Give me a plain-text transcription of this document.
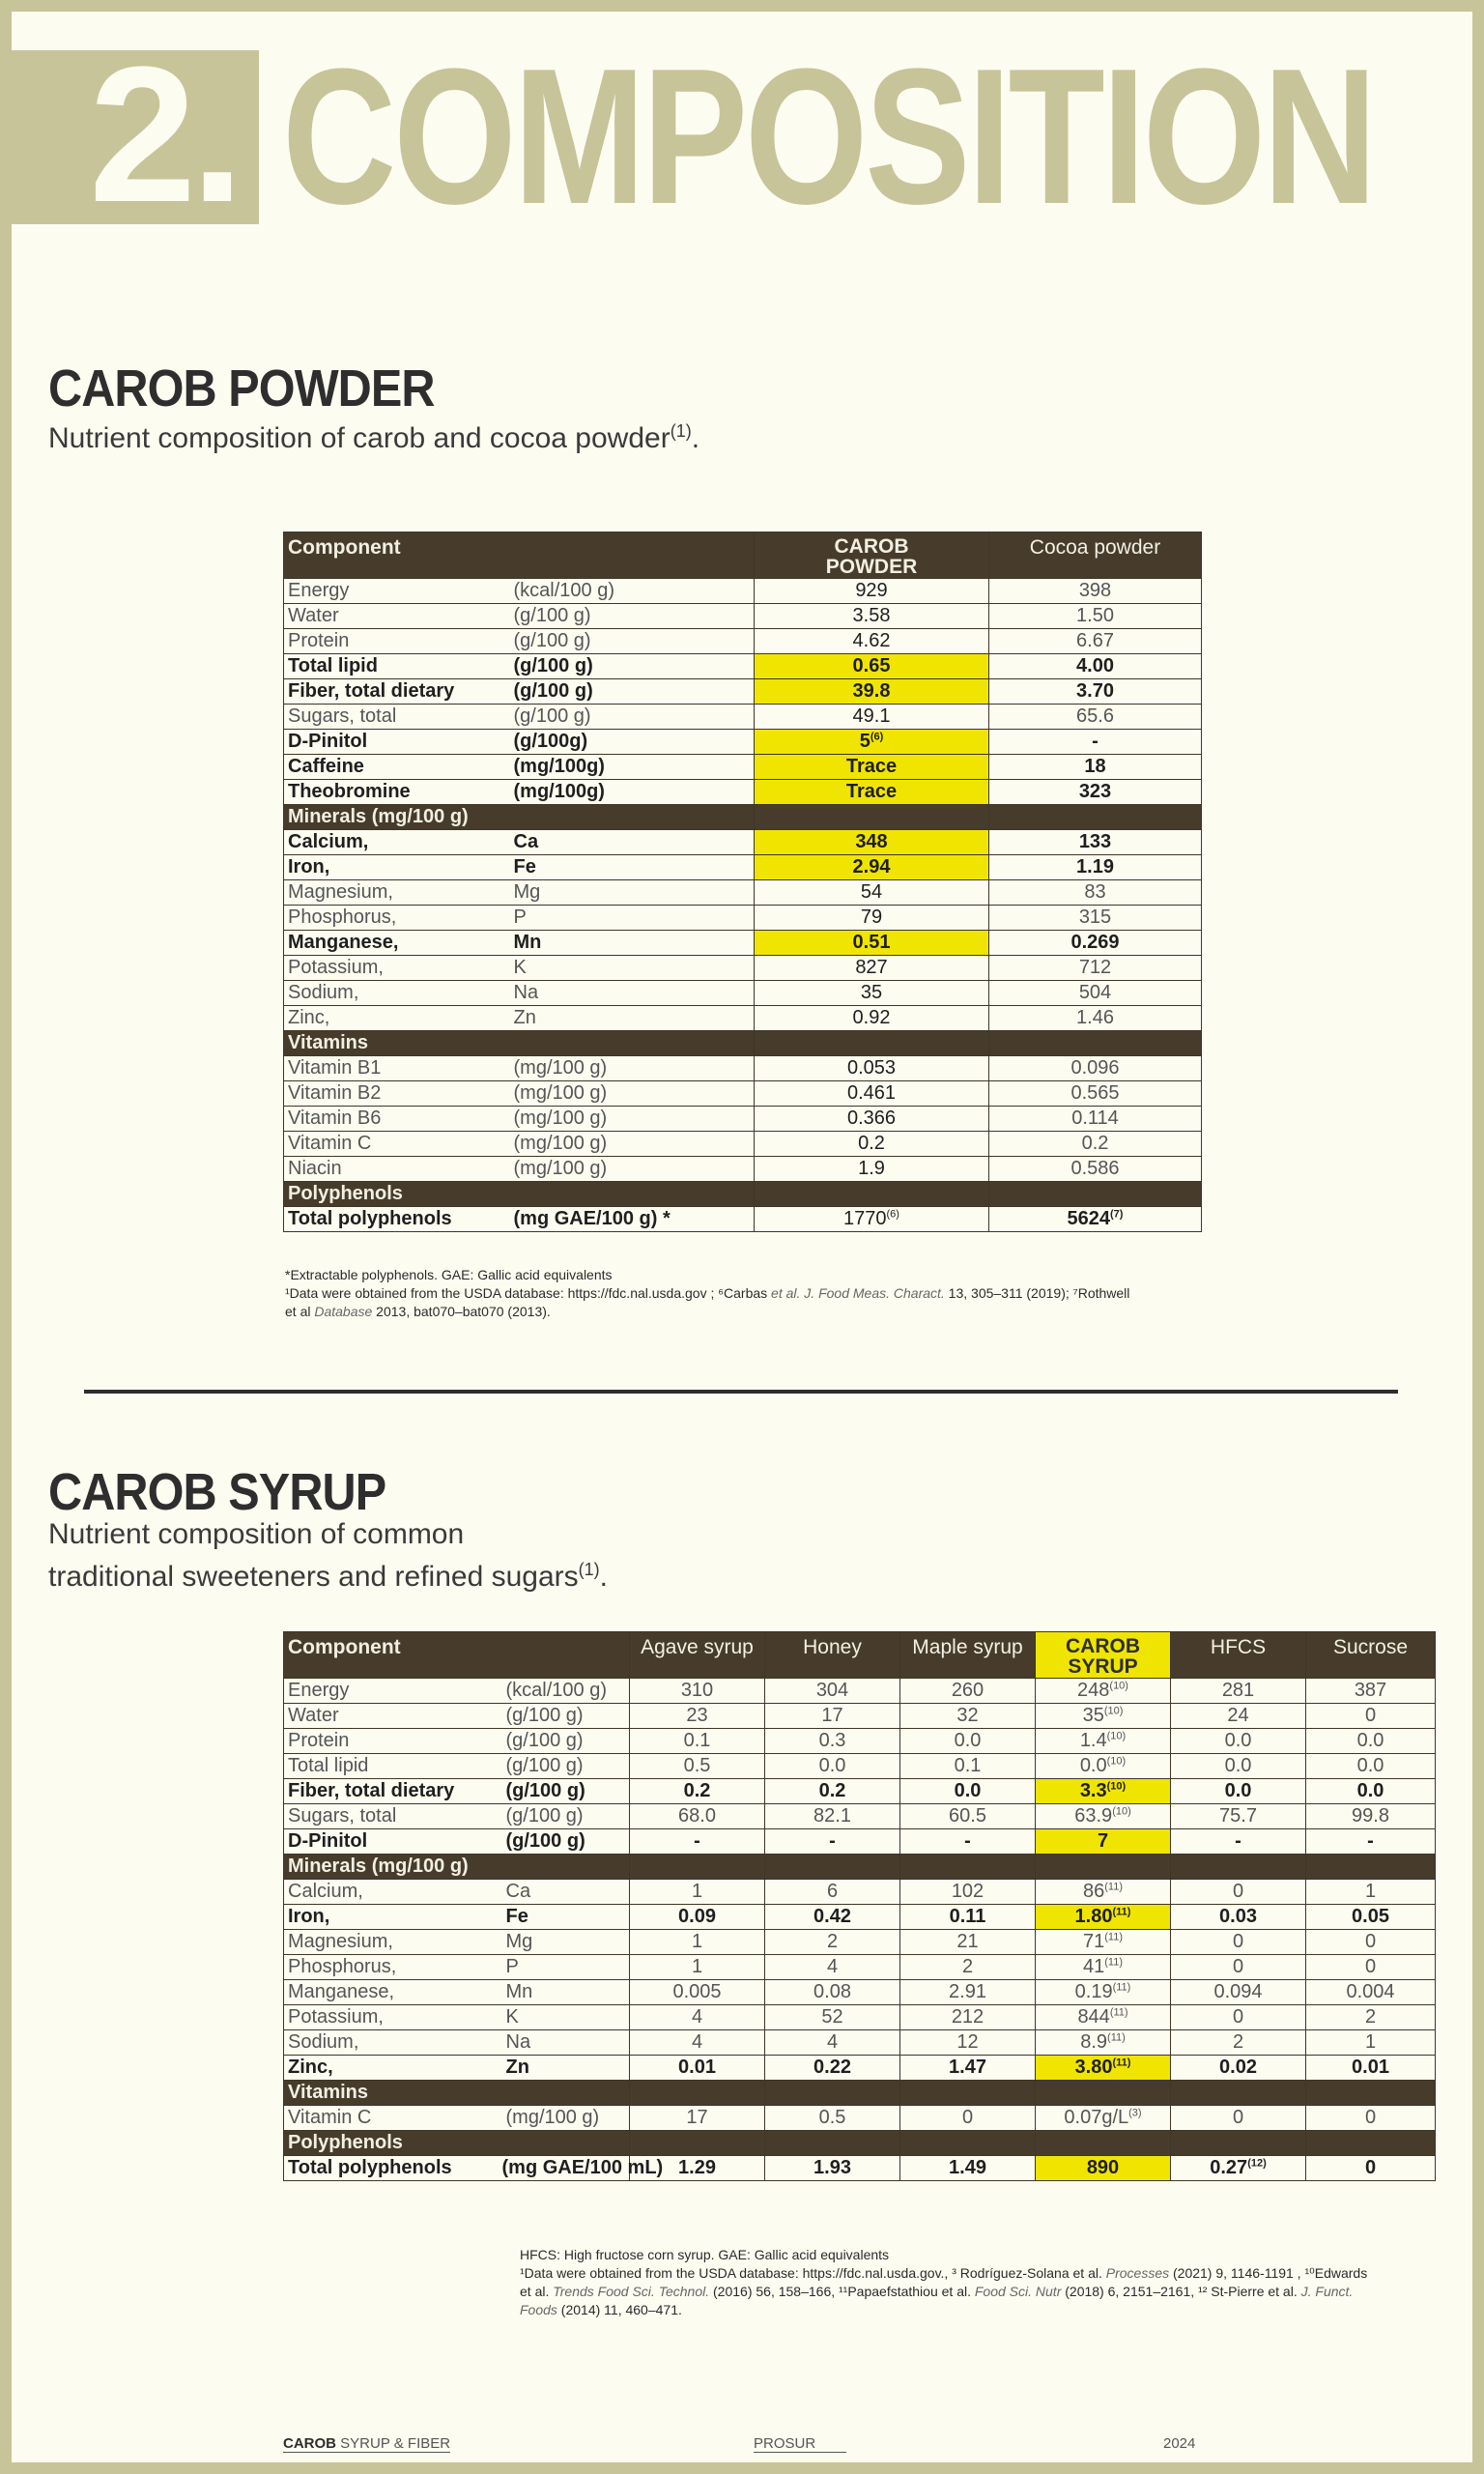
2. COMPOSITION
CAROB POWDER
Nutrient composition of carob and cocoa powder$^{(1)}$.
Component		CAROB POWDER	Cocoa powder
Energy	(kcal/100 g)	929	398
Water	(g/100 g)	3.58	1.50
Protein	(g/100 g)	4.62	6.67
Total lipid	(g/100 g)	0.65	4.00
Fiber, total dietary	(g/100 g)	39.8	3.70
Sugars, total	(g/100 g)	49.1	65.6
D-Pinitol	(g/100g)	5$^{(6)}$	-
Caffeine	(mg/100g)	Trace	18
Theobromine	(mg/100g)	Trace	323
Minerals (mg/100 g)			
Calcium,	Ca	348	133
Iron,	Fe	2.94	1.19
Magnesium,	Mg	54	83
Phosphorus,	P	79	315
Manganese,	Mn	0.51	0.269
Potassium,	K	827	712
Sodium,	Na	35	504
Zinc,	Zn	0.92	1.46
Vitamins			
Vitamin B1	(mg/100 g)	0.053	0.096
Vitamin B2	(mg/100 g)	0.461	0.565
Vitamin B6	(mg/100 g)	0.366	0.114
Vitamin C	(mg/100 g)	0.2	0.2
Niacin	(mg/100 g)	1.9	0.586
Polyphenols			
Total polyphenols	(mg GAE/100 g) *	1770$^{(6)}$	5624$^{(7)}$
*Extractable polyphenols. GAE: Gallic acid equivalents
¹Data were obtained from the USDA database: https://fdc.nal.usda.gov ; ⁶Carbas et al. J. Food Meas. Charact. 13, 305–311 (2019); ⁷Rothwell
et al Database 2013, bat070–bat070 (2013).
CAROB SYRUP
Nutrient composition of common
traditional sweeteners and refined sugars$^{(1)}$.
Component		Agave syrup	Honey	Maple syrup	CAROB SYRUP	HFCS	Sucrose
Energy	(kcal/100 g)	310	304	260	248$^{(10)}$	281	387
Water	(g/100 g)	23	17	32	35$^{(10)}$	24	0
Protein	(g/100 g)	0.1	0.3	0.0	1.4$^{(10)}$	0.0	0.0
Total lipid	(g/100 g)	0.5	0.0	0.1	0.0$^{(10)}$	0.0	0.0
Fiber, total dietary	(g/100 g)	0.2	0.2	0.0	3.3$^{(10)}$	0.0	0.0
Sugars, total	(g/100 g)	68.0	82.1	60.5	63.9$^{(10)}$	75.7	99.8
D-Pinitol	(g/100 g)	-	-	-	7	-	-
Minerals (mg/100 g)							
Calcium,	Ca	1	6	102	86$^{(11)}$	0	1
Iron,	Fe	0.09	0.42	0.11	1.80$^{(11)}$	0.03	0.05
Magnesium,	Mg	1	2	21	71$^{(11)}$	0	0
Phosphorus,	P	1	4	2	41$^{(11)}$	0	0
Manganese,	Mn	0.005	0.08	2.91	0.19$^{(11)}$	0.094	0.004
Potassium,	K	4	52	212	844$^{(11)}$	0	2
Sodium,	Na	4	4	12	8.9$^{(11)}$	2	1
Zinc,	Zn	0.01	0.22	1.47	3.80$^{(11)}$	0.02	0.01
Vitamins							
Vitamin C	(mg/100 g)	17	0.5	0	$0.07g/L^{(3)}$	0	0
Polyphenols							
Total polyphenols	(mg GAE/100 mL)	1.29	1.93	1.49	890	0.27$^{(12)}$	0
HFCS: High fructose corn syrup. GAE: Gallic acid equivalents
¹Data were obtained from the USDA database: https://fdc.nal.usda.gov., ³ Rodríguez-Solana et al. Processes (2021) 9, 1146-1191 , ¹⁰Edwards
et al. Trends Food Sci. Technol. (2016) 56, 158–166, ¹¹Papaefstathiou et al. Food Sci. Nutr (2018) 6, 2151–2161, ¹² St-Pierre et al. J. Funct.
Foods (2014) 11, 460–471.
CAROB SYRUP & FIBER	PROSUR	2024
